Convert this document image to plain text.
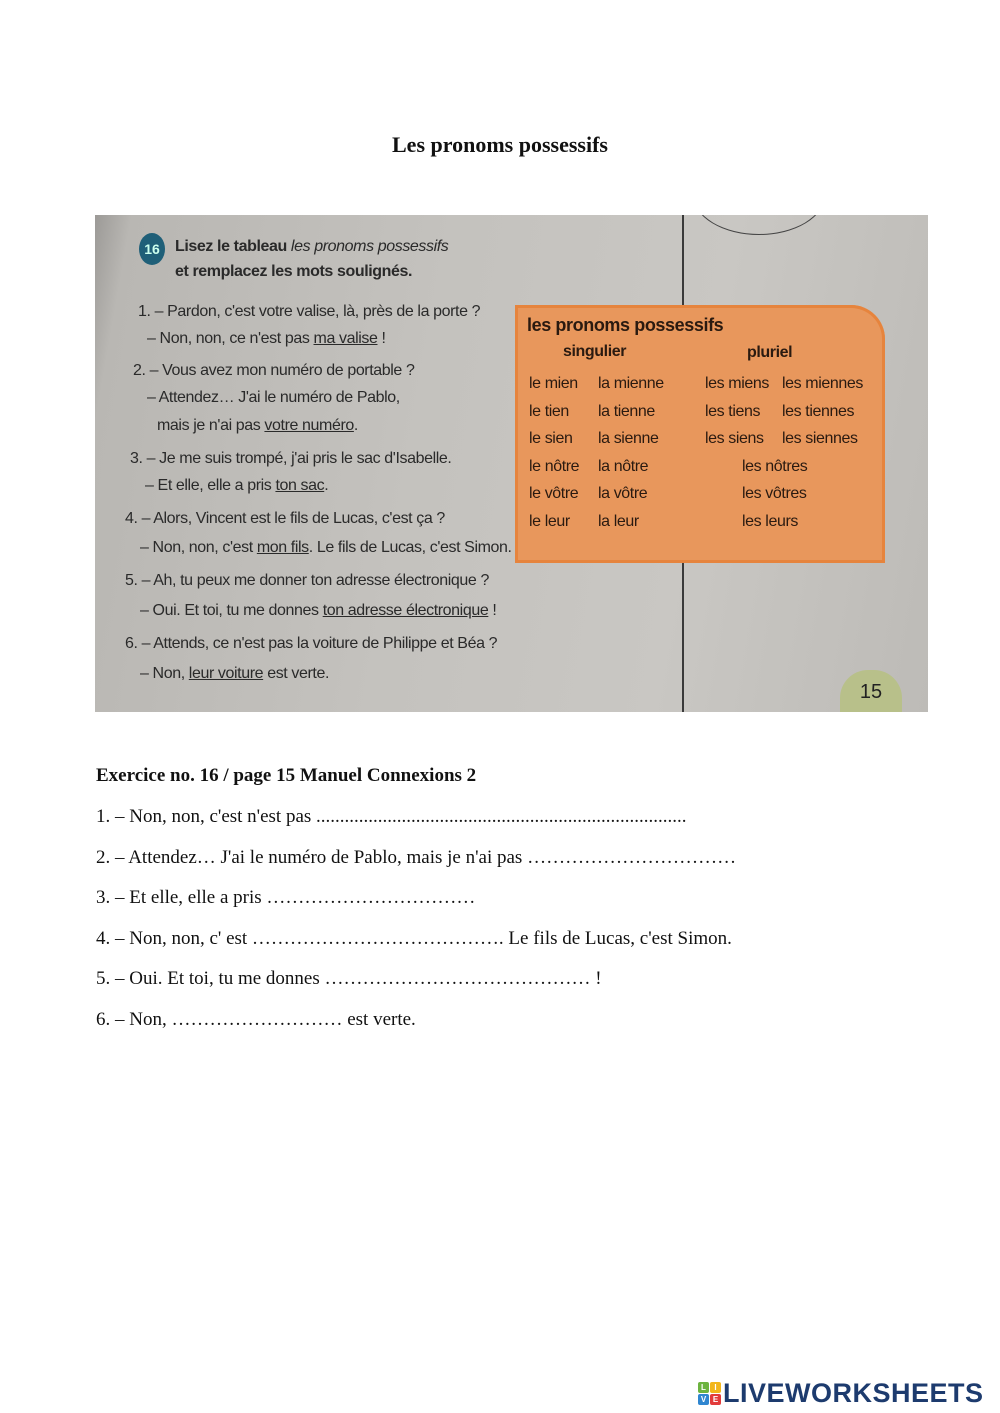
Les pronoms possessifs
16 Lisez le tableau les pronoms possessifs
et remplacez les mots soulignés.
1. – Pardon, c'est votre valise, là, près de la porte ?
– Non, non, ce n'est pas ma valise !
2. – Vous avez mon numéro de portable ?
– Attendez… J'ai le numéro de Pablo,
mais je n'ai pas votre numéro.
3. – Je me suis trompé, j'ai pris le sac d'Isabelle.
– Et elle, elle a pris ton sac.
4. – Alors, Vincent est le fils de Lucas, c'est ça ?
– Non, non, c'est mon fils. Le fils de Lucas, c'est Simon.
5. – Ah, tu peux me donner ton adresse électronique ?
– Oui. Et toi, tu me donnes ton adresse électronique !
6. – Attends, ce n'est pas la voiture de Philippe et Béa ?
– Non, leur voiture est verte.
les pronoms possessifs
singulier	pluriel
le mien la mienne	les miens les miennes
le tien la tienne	les tiens les tiennes
le sien la sienne	les siens les siennes
le nôtre la nôtre	les nôtres
le vôtre la vôtre	les vôtres
le leur la leur	les leurs
15
Exercice no. 16 / page 15 Manuel Connexions 2
1. – Non, non, c'est n'est pas ..............................................................................
2. – Attendez… J'ai le numéro de Pablo, mais je n'ai pas ……………………………
3. – Et elle, elle a pris ……………………………
4. – Non, non, c' est …………………………………. Le fils de Lucas, c'est Simon.
5. – Oui. Et toi, tu me donnes …………………………………… !
6. – Non, ……………………… est verte.
L	I
V E LIVEWORKSHEETS
